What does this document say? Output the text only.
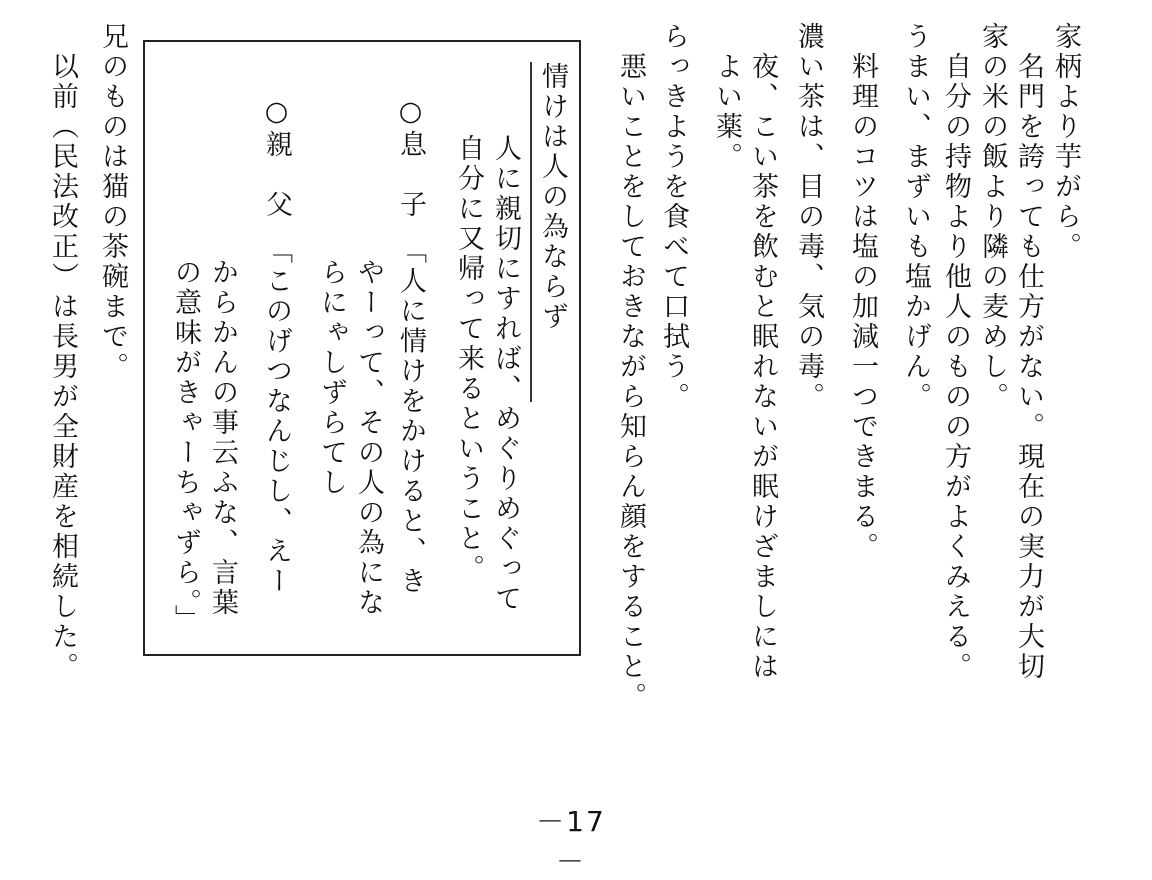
家柄より芋がら。
　名門を誇っても仕方がない。現在の実力が大切
家の米の飯より隣の麦めし。
　自分の持物より他人のものの方がよくみえる。
うまい、まずいも塩かげん。
　料理のコツは塩の加減一つできまる。
濃い茶は、目の毒、気の毒。
　夜、こい茶を飲むと眠れないが眠けざましには
　よい薬。
らっきようを食べて口拭う。
　悪いことをしておきながら知らん顔をすること。
情けは人の為ならず
人に親切にすれば、めぐりめぐって
自分に又帰って来るということ。
○息　子　「人に情けをかけると、き
やーって、その人の為にな
らにゃしずらてし
○親　父　「このげつなんじし、えー
からかんの事云ふな、言葉
の意味がきゃーちゃずら。」
兄のものは猫の茶碗まで。
　以前（民法改正）は長男が全財産を相続した。
－17－
